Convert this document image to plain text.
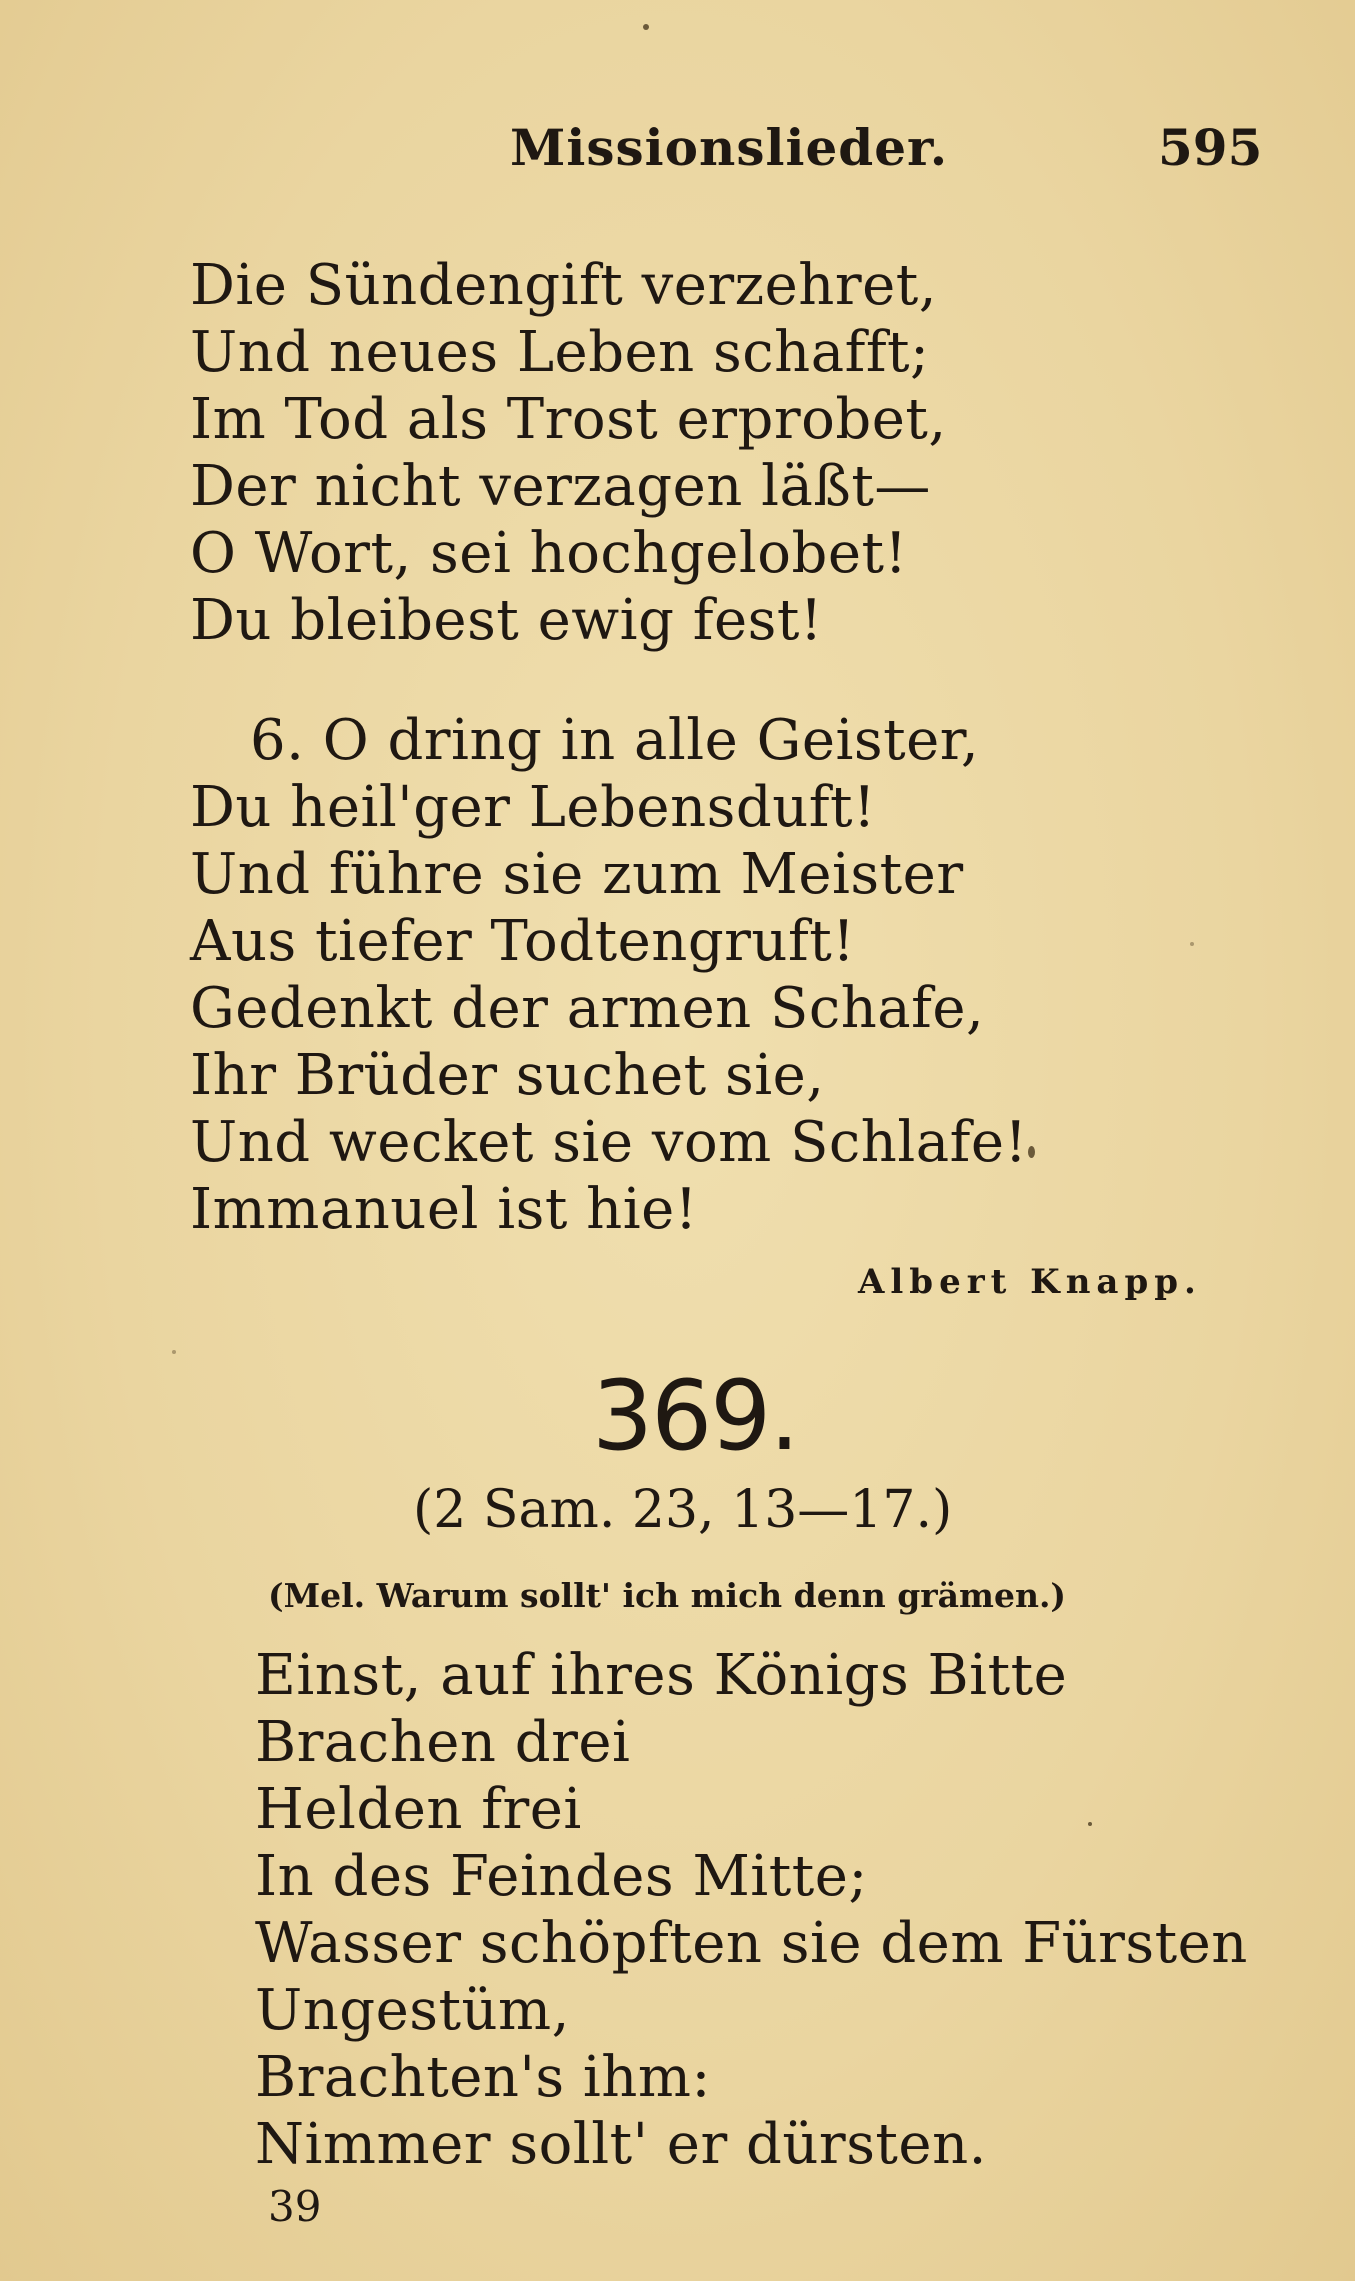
Missionslieder.	595
Die Sündengift verzehret,
Und neues Leben schafft;
Im Tod als Trost erprobet,
Der nicht verzagen läßt—
O Wort, sei hochgelobet!
Du bleibest ewig fest!
6. O dring in alle Geister,
Du heil'ger Lebensduft!
Und führe sie zum Meister
Aus tiefer Todtengruft!
Gedenkt der armen Schafe,
Ihr Brüder suchet sie,
Und wecket sie vom Schlafe!
Immanuel ist hie!
Albert Knapp.
369.
(2 Sam. 23, 13—17.)
(Mel. Warum sollt' ich mich denn grämen.)
Einst, auf ihres Königs Bitte
Brachen drei
Helden frei
In des Feindes Mitte;
Wasser schöpften sie dem Fürsten
Ungestüm,
Brachten's ihm:
Nimmer sollt' er dürsten.
39
